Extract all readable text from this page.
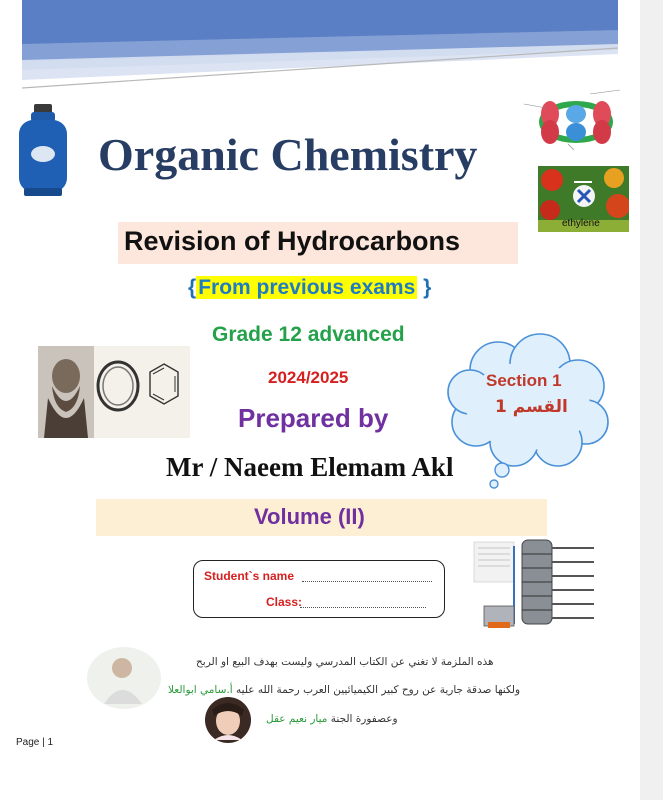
ethylene
Organic Chemistry
Revision of Hydrocarbons
{From previous exams }
Grade 12 advanced
2024/2025
Prepared by
Section 1
القسم 1
Mr / Naeem Elemam Akl
Volume (II)
Student`s name
Class:
هذه الملزمة لا تغني عن الكتاب المدرسي وليست بهدف البيع او الربح
ولكنها صدقة جارية عن روح كبير الكيميائيين العرب رحمة الله عليه أ.سامي ابوالعلا
وعصفورة الجنة ميار نعيم عقل
Page | 1
